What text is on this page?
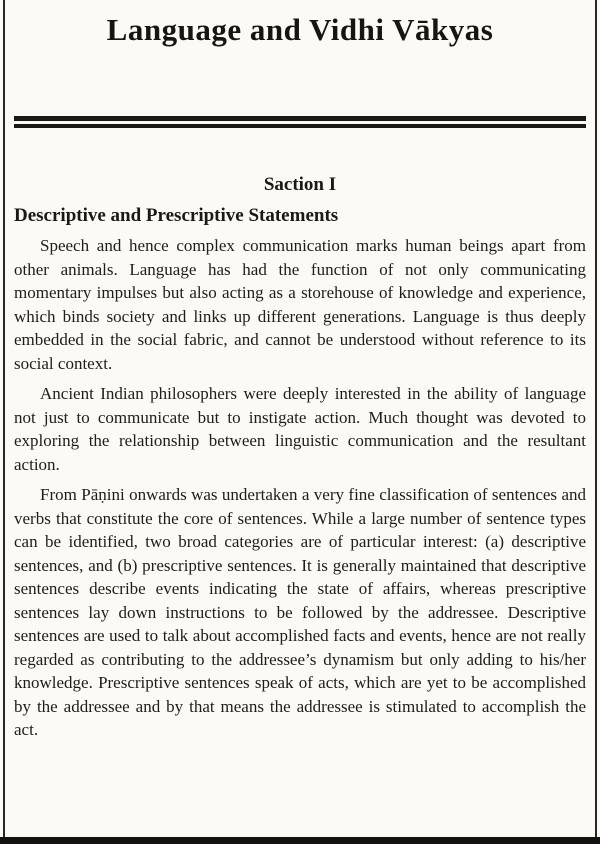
Language and Vidhi Vākyas
Saction I
Descriptive and Prescriptive Statements

Speech and hence complex communication marks human beings apart from other animals. Language has had the function of not only communicating momentary impulses but also acting as a storehouse of knowledge and experience, which binds society and links up different generations. Language is thus deeply embedded in the social fabric, and cannot be understood without reference to its social context.

Ancient Indian philosophers were deeply interested in the ability of language not just to communicate but to instigate action. Much thought was devoted to exploring the relationship between linguistic communication and the resultant action.

From Pāṇini onwards was undertaken a very fine classification of sentences and verbs that constitute the core of sentences. While a large number of sentence types can be identified, two broad categories are of particular interest: (a) descriptive sentences, and (b) prescriptive sentences. It is generally maintained that descriptive sentences describe events indicating the state of affairs, whereas prescriptive sentences lay down instructions to be followed by the addressee. Descriptive sentences are used to talk about accomplished facts and events, hence are not really regarded as contributing to the addressee’s dynamism but only adding to his/her knowledge. Prescriptive sentences speak of acts, which are yet to be accomplished by the addressee and by that means the addressee is stimulated to accomplish the act.
